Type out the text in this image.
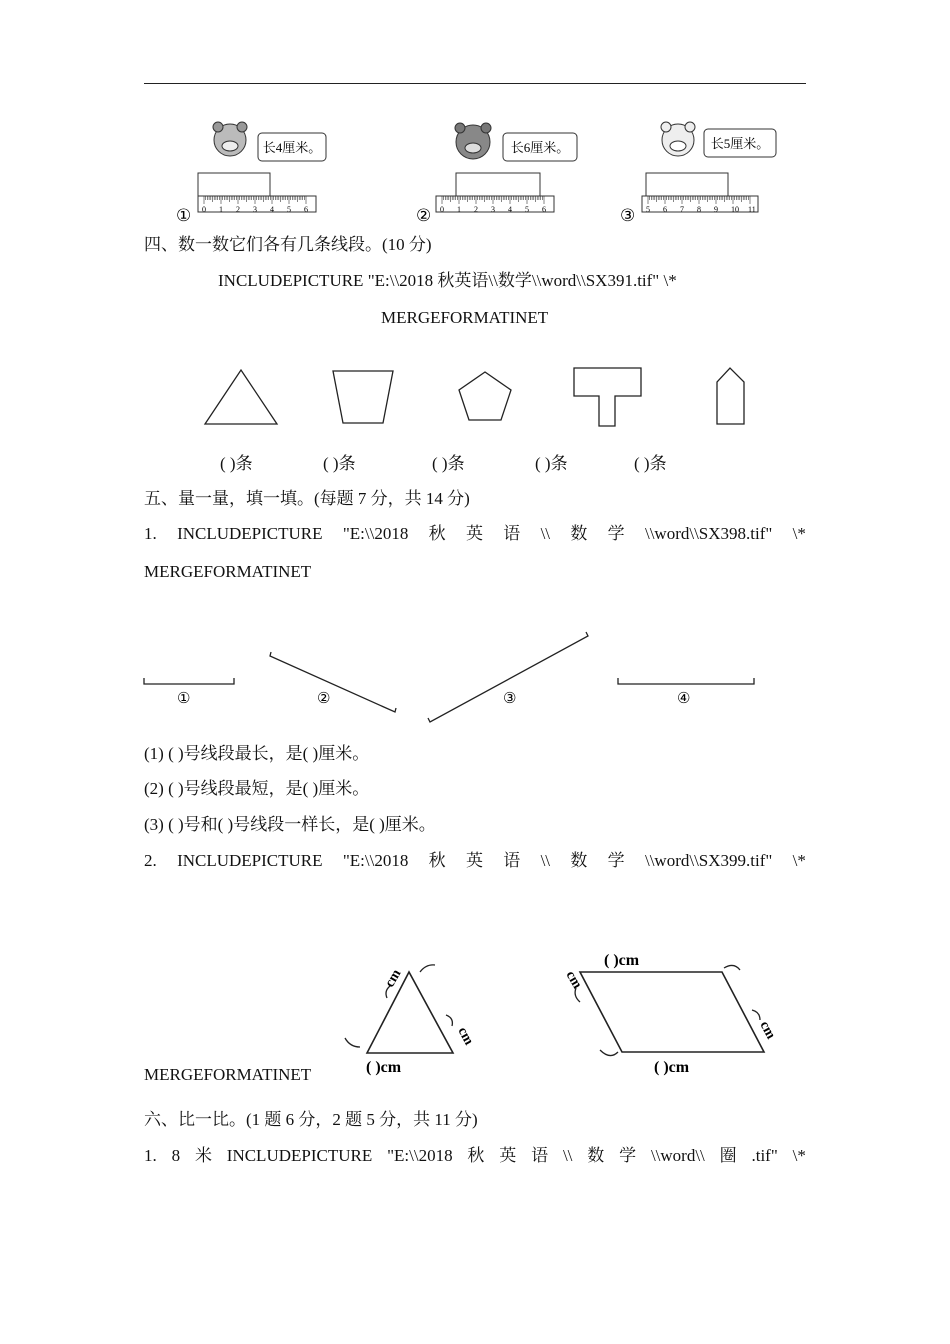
长4厘米。
①
长6厘米。
②
长5厘米。
③
0 1 2 3 4 5 6	0 1 2 3 4 5 6	5 6 7 8 9 10 11
四、数一数它们各有几条线段。(10 分)
INCLUDEPICTURE "E:\\2018 秋英语\\数学\\word\\SX391.tif" \*
MERGEFORMATINET
( )条	( )条	( )条	( )条	( )条
五、量一量，填一填。(每题 7 分，共 14 分)
1. INCLUDEPICTURE "E:\\2018 秋 英 语 \\ 数 学 \\word\\SX398.tif" \*
MERGEFORMATINET
①	②	③	④
(1) ( )号线段最长，是( )厘米。
(2) ( )号线段最短，是( )厘米。
(3) ( )号和( )号线段一样长，是( )厘米。
2. INCLUDEPICTURE "E:\\2018 秋 英 语 \\ 数 学 \\word\\SX399.tif" \*
cm
cm
( )cm
( )cm
cm
cm
( )cm
MERGEFORMATINET
六、比一比。(1 题 6 分，2 题 5 分，共 11 分)
1. 8 米 INCLUDEPICTURE "E:\\2018 秋 英 语 \\ 数 学 \\word\\ 圈 .tif" \*
